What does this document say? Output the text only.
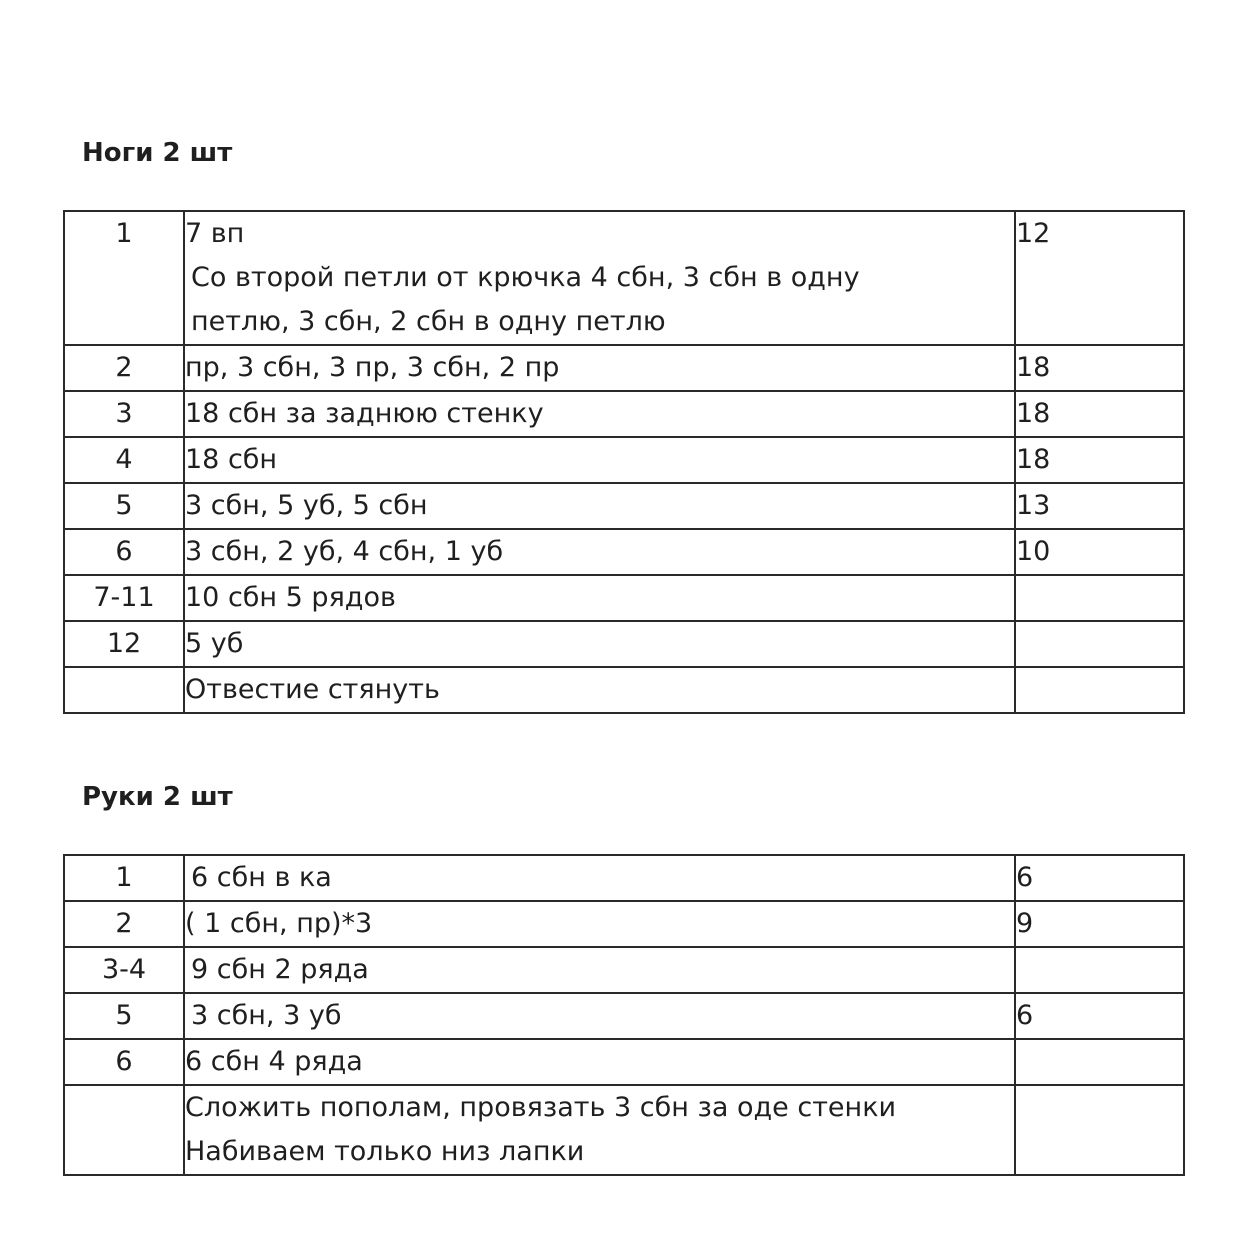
Ноги 2 шт
1	7 вп
Со второй петли от крючка 4 сбн, 3 сбн в одну
петлю, 3 сбн, 2 сбн в одну петлю	12
2	пр, 3 сбн, 3 пр, 3 сбн, 2 пр	18
3	18 сбн за заднюю стенку	18
4	18 сбн	18
5	3 сбн, 5 уб, 5 сбн	13
6	3 сбн, 2 уб, 4 сбн, 1 уб	10
7-11	10 сбн 5 рядов	

12	5 уб	

	Отвестие стянуть	

Руки 2 шт
1	6 сбн в ка	6
2	( 1 сбн, пр)*3	9
3-4	9 сбн 2 ряда	

5	3 сбн, 3 уб	6
6	6 сбн 4 ряда	

	Сложить пополам, провязать 3 сбн за оде стенки
Набиваем только низ лапки	
